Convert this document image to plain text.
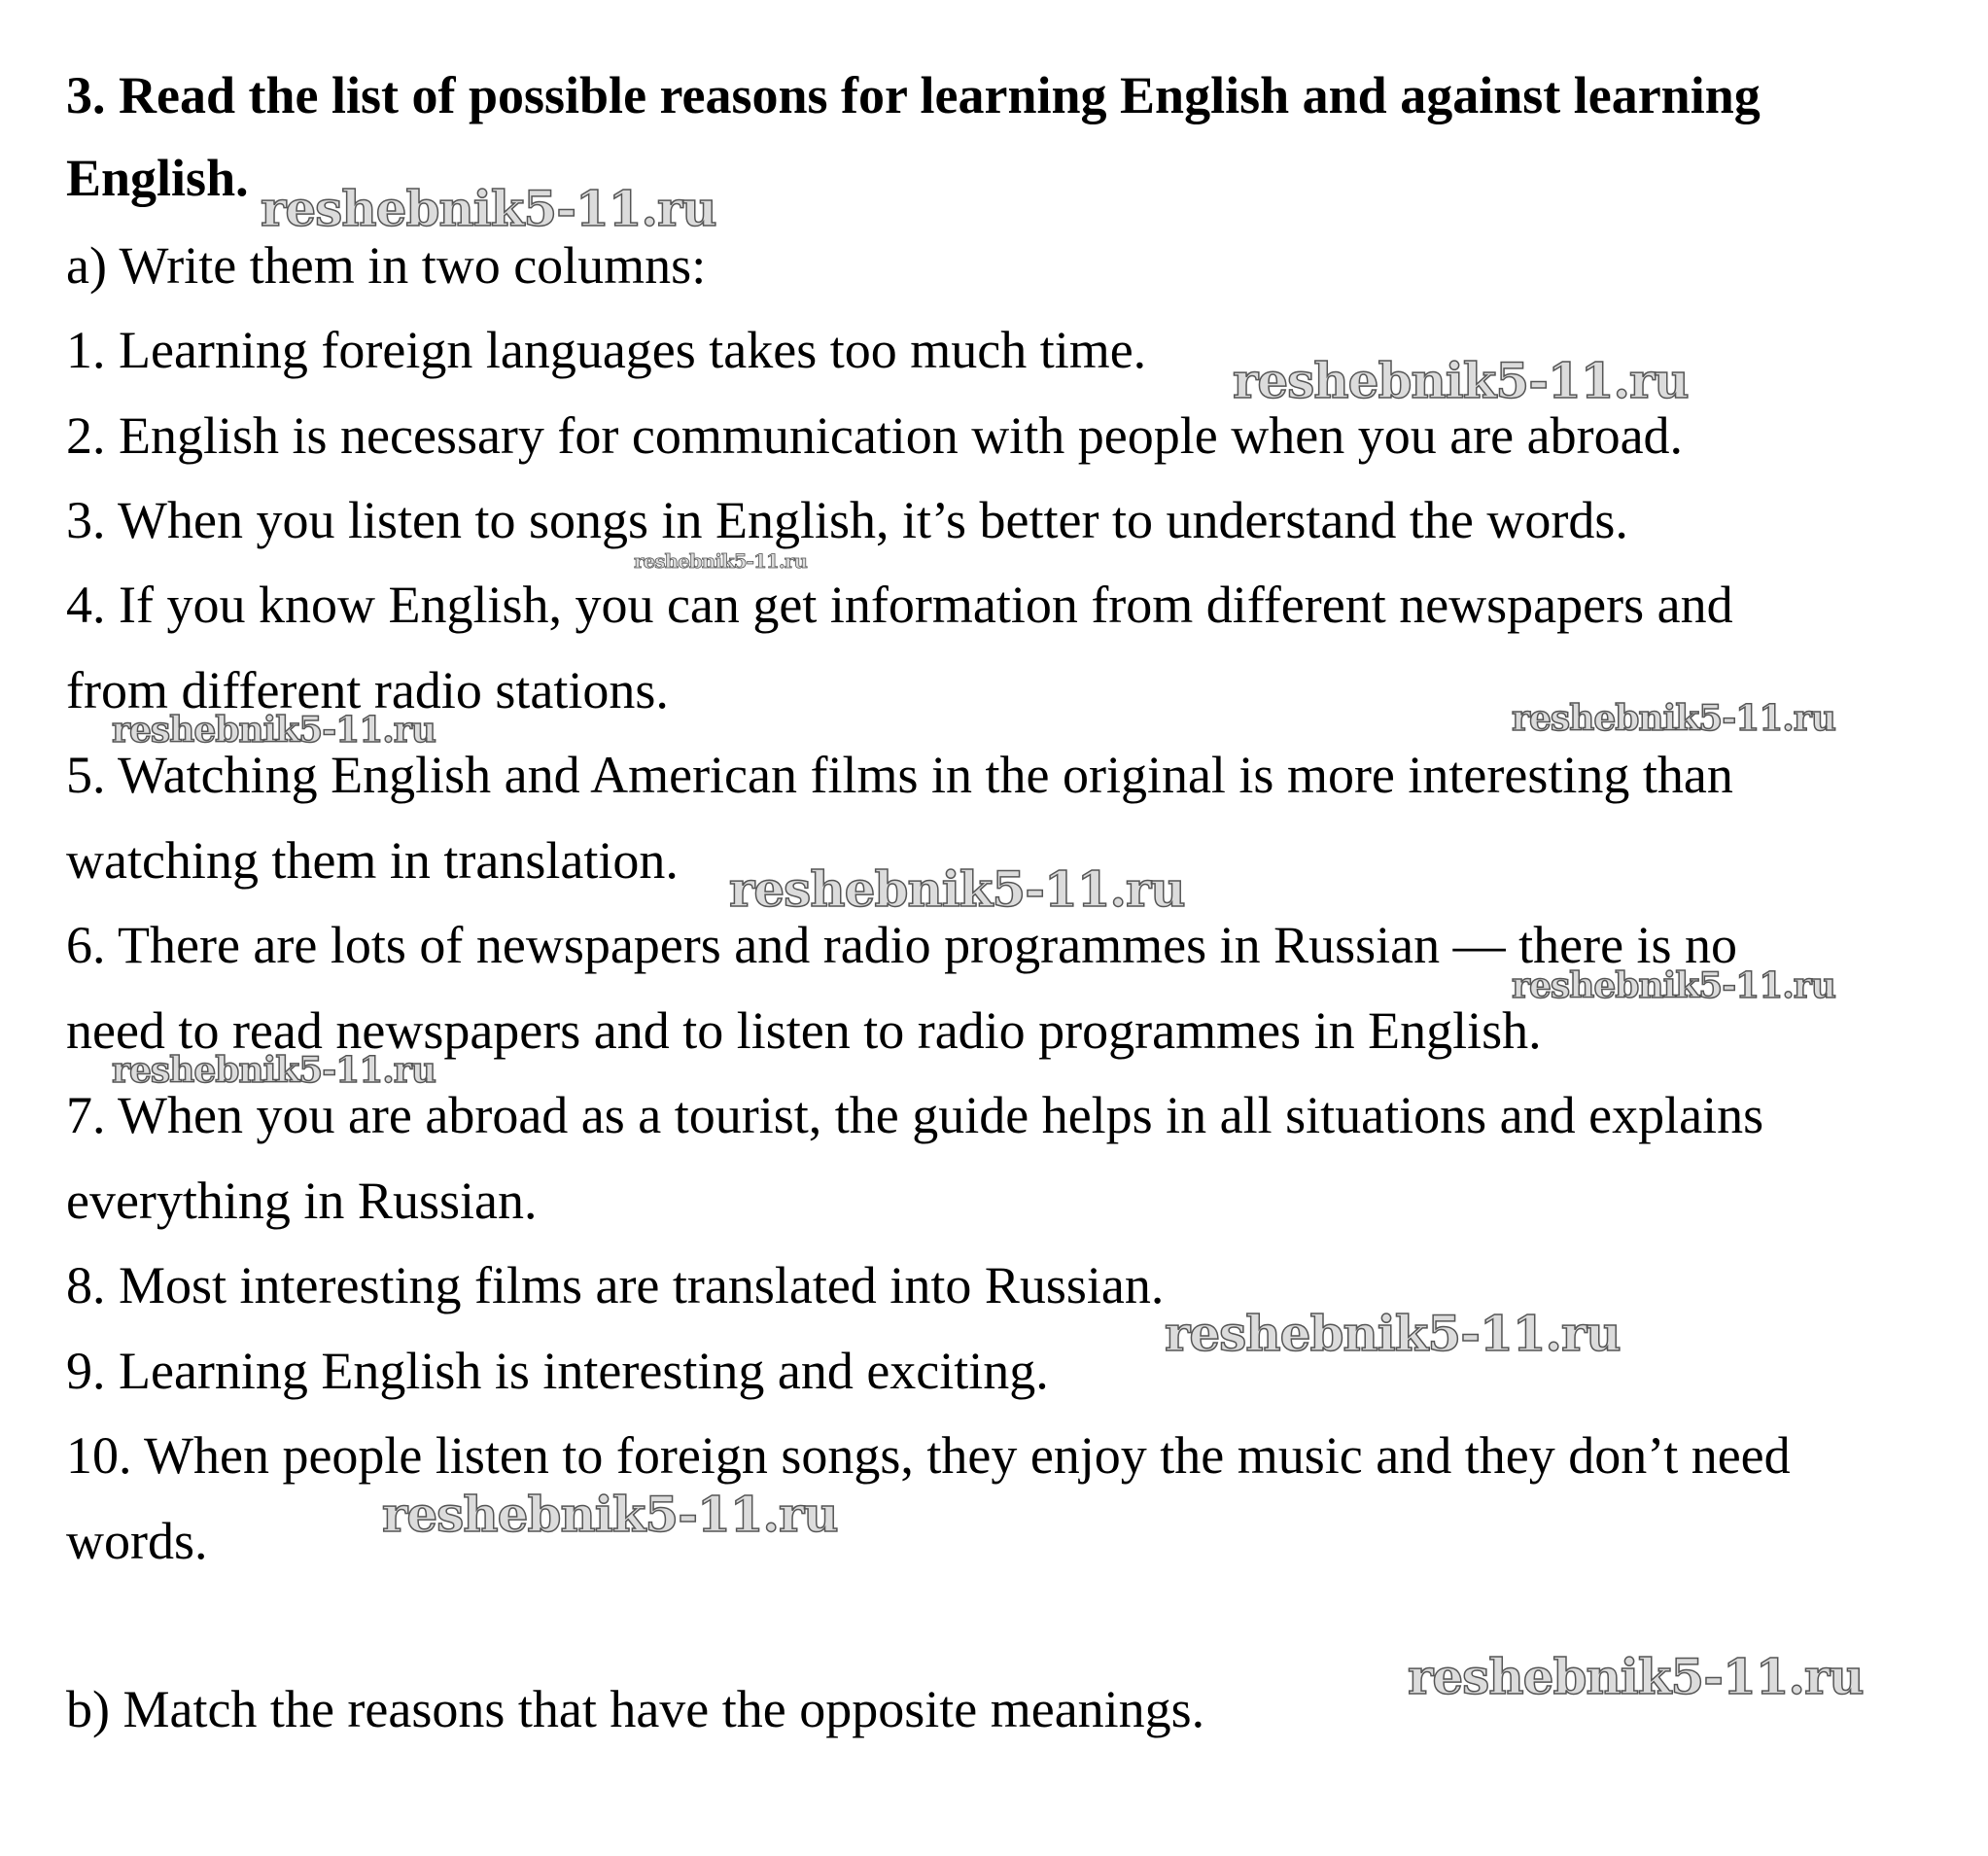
3. Read the list of possible reasons for learning English and against learning
English.
a) Write them in two columns:
1. Learning foreign languages takes too much time.
2. English is necessary for communication with people when you are abroad.
3. When you listen to songs in English, it’s better to understand the words.
4. If you know English, you can get information from different newspapers and
from different radio stations.
5. Watching English and American films in the original is more interesting than
watching them in translation.
6. There are lots of newspapers and radio programmes in Russian — there is no
need to read newspapers and to listen to radio programmes in English.
7. When you are abroad as a tourist, the guide helps in all situations and explains
everything in Russian.
8. Most interesting films are translated into Russian.
9. Learning English is interesting and exciting.
10. When people listen to foreign songs, they enjoy the music and they don’t need
words.
b) Match the reasons that have the opposite meanings.
reshebnik5-11.ru
reshebnik5-11.ru
reshebnik5-11.ru
reshebnik5-11.ru	reshebnik5-11.ru
reshebnik5-11.ru
reshebnik5-11.ru
reshebnik5-11.ru
reshebnik5-11.ru
reshebnik5-11.ru
reshebnik5-11.ru
